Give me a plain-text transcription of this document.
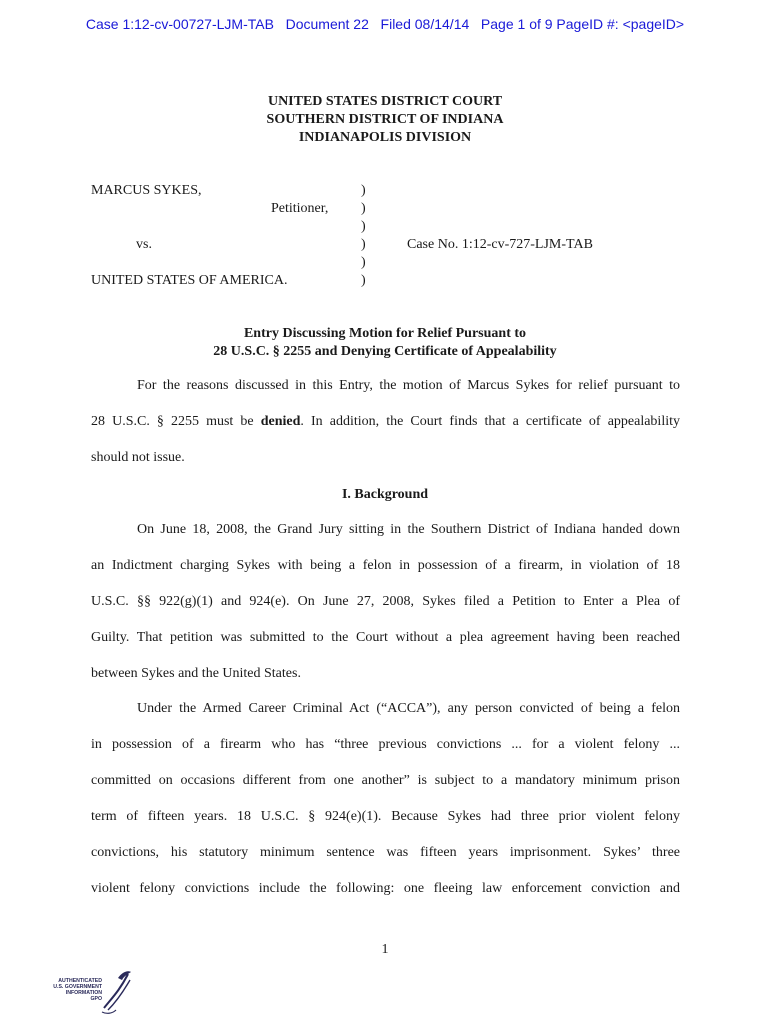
Case 1:12-cv-00727-LJM-TAB   Document 22   Filed 08/14/14   Page 1 of 9 PageID #: <pageID>
UNITED STATES DISTRICT COURT
SOUTHERN DISTRICT OF INDIANA
INDIANAPOLIS DIVISION
MARCUS SYKES,
Petitioner,
vs.
UNITED STATES OF AMERICA.
)
)
)
)
)
)
Case No. 1:12-cv-727-LJM-TAB
Entry Discussing Motion for Relief Pursuant to
28 U.S.C. § 2255 and Denying Certificate of Appealability
For the reasons discussed in this Entry, the motion of Marcus Sykes for relief pursuant to
28 U.S.C. § 2255 must be denied. In addition, the Court finds that a certificate of appealability
should not issue.
I. Background
On June 18, 2008, the Grand Jury sitting in the Southern District of Indiana handed down
an Indictment charging Sykes with being a felon in possession of a firearm, in violation of 18
U.S.C. §§ 922(g)(1) and 924(e). On June 27, 2008, Sykes filed a Petition to Enter a Plea of
Guilty. That petition was submitted to the Court without a plea agreement having been reached
between Sykes and the United States.
Under the Armed Career Criminal Act (“ACCA”), any person convicted of being a felon
in possession of a firearm who has “three previous convictions ... for a violent felony ...
committed on occasions different from one another” is subject to a mandatory minimum prison
term of fifteen years. 18 U.S.C. § 924(e)(1). Because Sykes had three prior violent felony
convictions, his statutory minimum sentence was fifteen years imprisonment. Sykes’ three
violent felony convictions include the following: one fleeing law enforcement conviction and
1
AUTHENTICATED
U.S. GOVERNMENT
INFORMATION
GPO
